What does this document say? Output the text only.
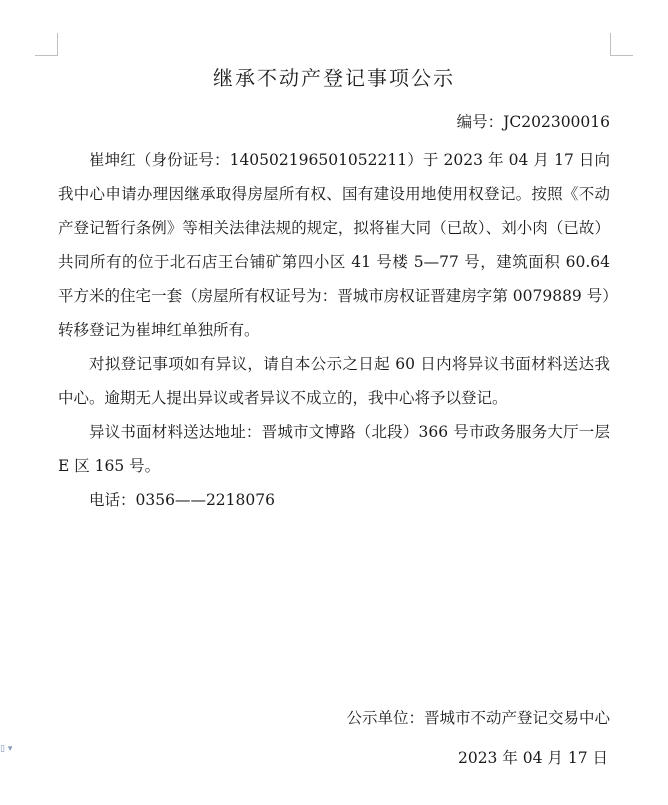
继承不动产登记事项公示
编号：JC202300016

崔坤红（身份证号：140502196501052211）于 2023 年 04 月 17 日向我中心申请办理因继承取得房屋所有权、国有建设用地使用权登记。按照《不动产登记暂行条例》等相关法律法规的规定，拟将崔大同（已故）、刘小肉（已故）共同所有的位于北石店王台铺矿第四小区 41 号楼 5—77 号，建筑面积 60.64 平方米的住宅一套（房屋所有权证号为：晋城市房权证晋建房字第 0079889 号）转移登记为崔坤红单独所有。

对拟登记事项如有异议，请自本公示之日起 60 日内将异议书面材料送达我中心。逾期无人提出异议或者异议不成立的，我中心将予以登记。

异议书面材料送达地址：晋城市文博路（北段）366 号市政务服务大厅一层 E 区 165 号。

电话：0356——2218076

公示单位：晋城市不动产登记交易中心
2023 年 04 月 17 日
▯ ▾
